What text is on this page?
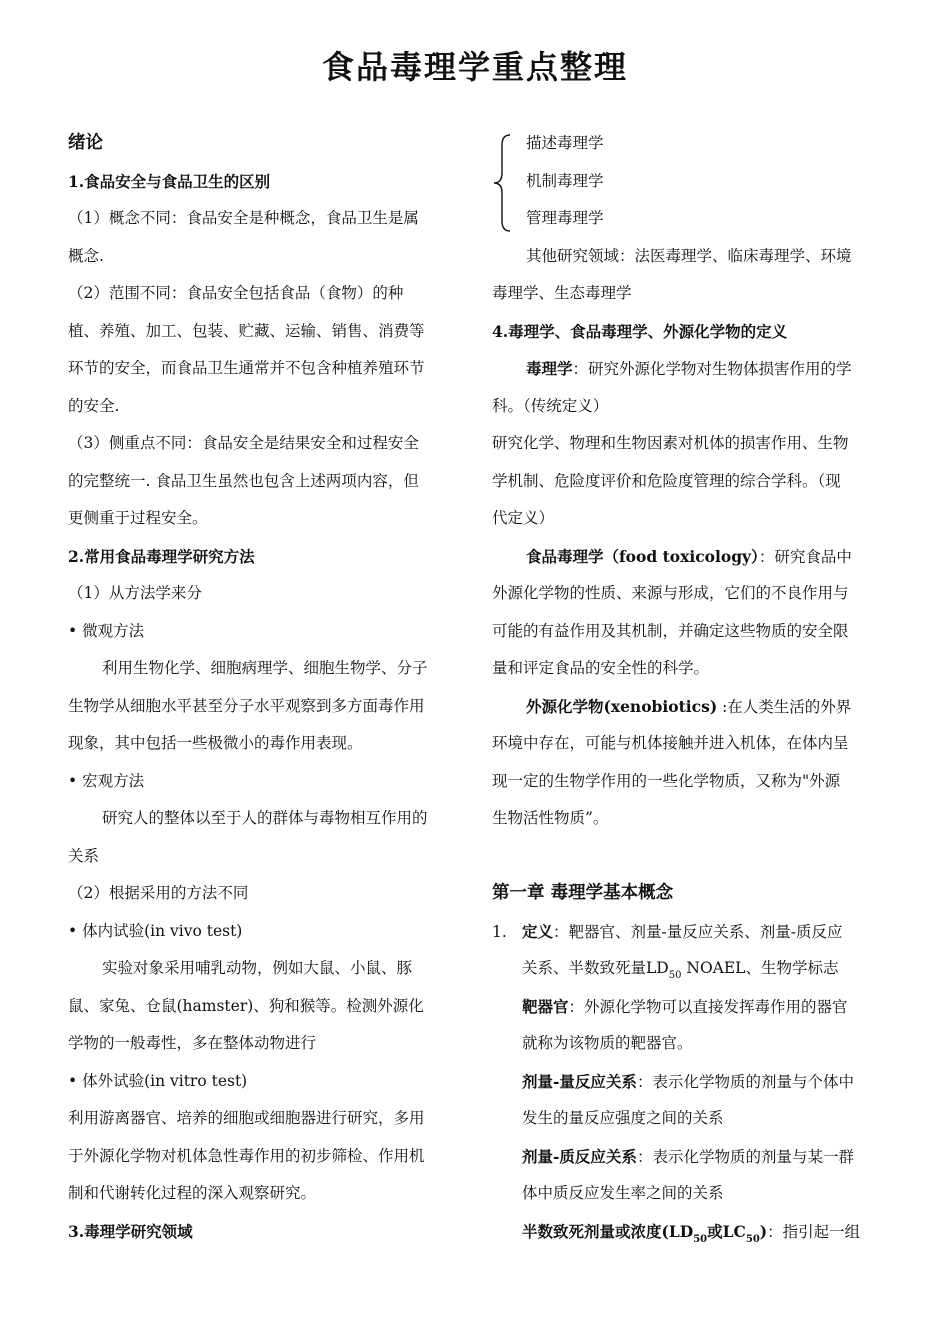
食品毒理学重点整理
绪论
1.食品安全与食品卫生的区别
（1）概念不同：食品安全是种概念，食品卫生是属
概念.
（2）范围不同：食品安全包括食品（食物）的种
植、养殖、加工、包装、贮藏、运输、销售、消费等
环节的安全，而食品卫生通常并不包含种植养殖环节
的安全.
（3）侧重点不同：食品安全是结果安全和过程安全
的完整统一. 食品卫生虽然也包含上述两项内容，但
更侧重于过程安全。
2.常用食品毒理学研究方法
（1）从方法学来分
• 微观方法
利用生物化学、细胞病理学、细胞生物学、分子
生物学从细胞水平甚至分子水平观察到多方面毒作用
现象，其中包括一些极微小的毒作用表现。
• 宏观方法
研究人的整体以至于人的群体与毒物相互作用的
关系
（2）根据采用的方法不同
• 体内试验(in vivo test)
实验对象采用哺乳动物，例如大鼠、小鼠、豚
鼠、家兔、仓鼠(hamster)、狗和猴等。检测外源化
学物的一般毒性，多在整体动物进行
• 体外试验(in vitro test)
利用游离器官、培养的细胞或细胞器进行研究，多用
于外源化学物对机体急性毒作用的初步筛检、作用机
制和代谢转化过程的深入观察研究。
3.毒理学研究领域
描述毒理学
机制毒理学
管理毒理学
其他研究领域：法医毒理学、临床毒理学、环境
毒理学、生态毒理学
4.毒理学、食品毒理学、外源化学物的定义
毒理学：研究外源化学物对生物体损害作用的学
科。（传统定义）
研究化学、物理和生物因素对机体的损害作用、生物
学机制、危险度评价和危险度管理的综合学科。（现
代定义）
食品毒理学（food toxicology）：研究食品中
外源化学物的性质、来源与形成，它们的不良作用与
可能的有益作用及其机制，并确定这些物质的安全限
量和评定食品的安全性的科学。
外源化学物(xenobiotics) :在人类生活的外界
环境中存在，可能与机体接触并进入机体，在体内呈
现一定的生物学作用的一些化学物质，又称为"外源
生物活性物质”。
第一章 毒理学基本概念
1. 定义：靶器官、剂量-量反应关系、剂量-质反应
关系、半数致死量$LD_{50}$ NOAEL、生物学标志
靶器官：外源化学物可以直接发挥毒作用的器官
就称为该物质的靶器官。
剂量-量反应关系：表示化学物质的剂量与个体中
发生的量反应强度之间的关系
剂量-质反应关系：表示化学物质的剂量与某一群
体中质反应发生率之间的关系
半数致死剂量或浓度($LD_{50}$或$LC_{50}$)：指引起一组
